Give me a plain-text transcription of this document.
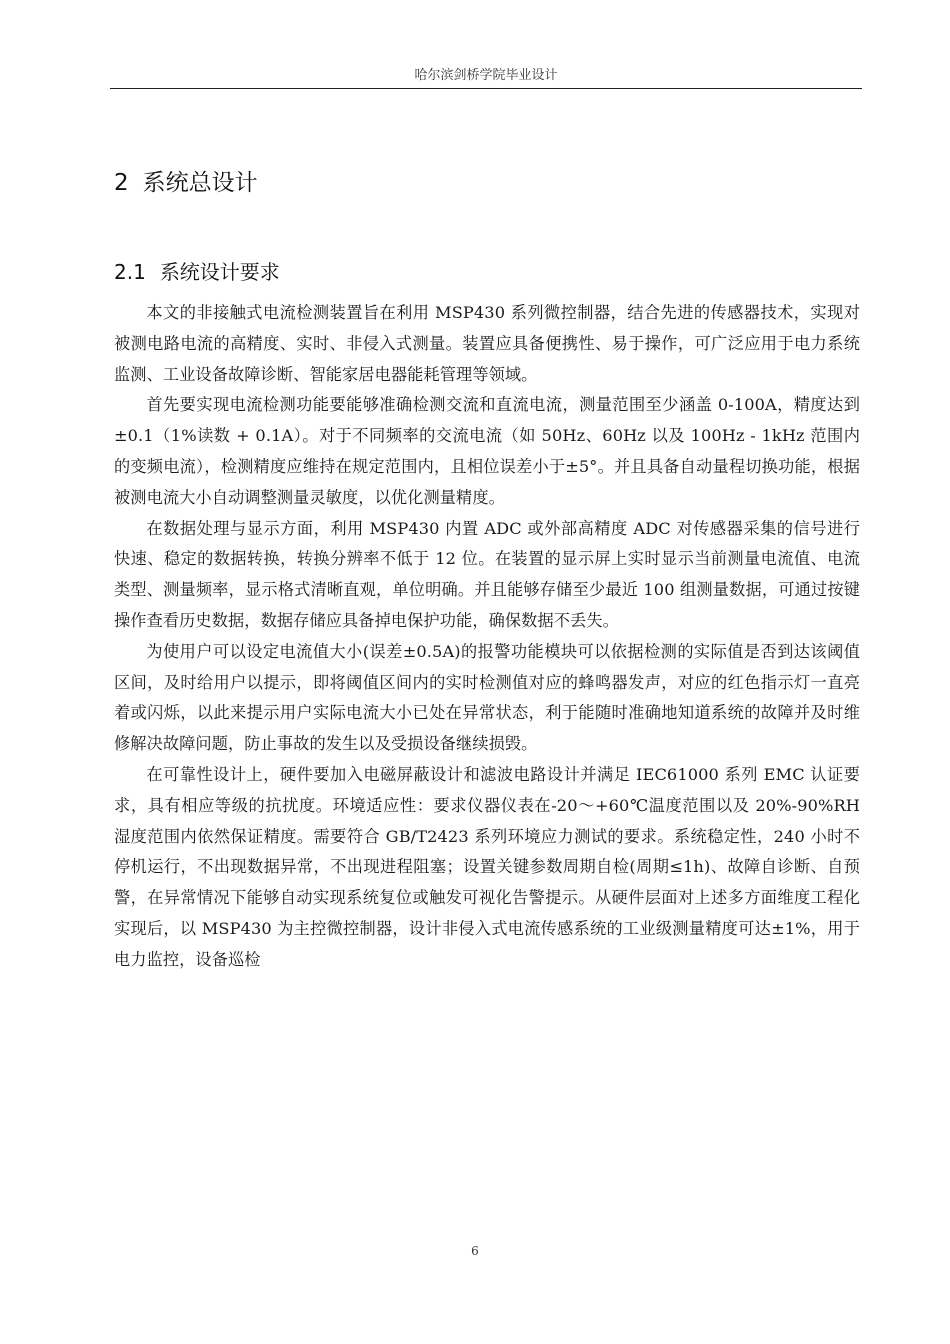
哈尔滨剑桥学院毕业设计
2 系统总设计
2.1 系统设计要求

本文的非接触式电流检测装置旨在利用 MSP430 系列微控制器，结合先进的传感器技术，实现对被测电路电流的高精度、实时、非侵入式测量。装置应具备便携性、易于操作，可广泛应用于电力系统监测、工业设备故障诊断、智能家居电器能耗管理等领域。

首先要实现电流检测功能要能够准确检测交流和直流电流，测量范围至少涵盖 0-100A，精度达到 ±0.1（1%读数 + 0.1A）。对于不同频率的交流电流（如 50Hz、60Hz 以及 100Hz - 1kHz 范围内的变频电流），检测精度应维持在规定范围内，且相位误差小于±5°。并且具备自动量程切换功能，根据被测电流大小自动调整测量灵敏度，以优化测量精度。

在数据处理与显示方面，利用 MSP430 内置 ADC 或外部高精度 ADC 对传感器采集的信号进行快速、稳定的数据转换，转换分辨率不低于 12 位。在装置的显示屏上实时显示当前测量电流值、电流类型、测量频率，显示格式清晰直观，单位明确。并且能够存储至少最近 100 组测量数据，可通过按键操作查看历史数据，数据存储应具备掉电保护功能，确保数据不丢失。

为使用户可以设定电流值大小(误差±0.5A)的报警功能模块可以依据检测的实际值是否到达该阈值区间，及时给用户以提示，即将阈值区间内的实时检测值对应的蜂鸣器发声，对应的红色指示灯一直亮着或闪烁，以此来提示用户实际电流大小已处在异常状态，利于能随时准确地知道系统的故障并及时维修解决故障问题，防止事故的发生以及受损设备继续损毁。

在可靠性设计上，硬件要加入电磁屏蔽设计和滤波电路设计并满足 IEC61000 系列 EMC 认证要求，具有相应等级的抗扰度。环境适应性：要求仪器仪表在-20～+60℃温度范围以及 20%-90%RH 湿度范围内依然保证精度。需要符合 GB/T2423 系列环境应力测试的要求。系统稳定性，240 小时不停机运行，不出现数据异常，不出现进程阻塞；设置关键参数周期自检(周期≤1h)、故障自诊断、自预警，在异常情况下能够自动实现系统复位或触发可视化告警提示。从硬件层面对上述多方面维度工程化实现后，以 MSP430 为主控微控制器，设计非侵入式电流传感系统的工业级测量精度可达±1%，用于电力监控，设备巡检

6
